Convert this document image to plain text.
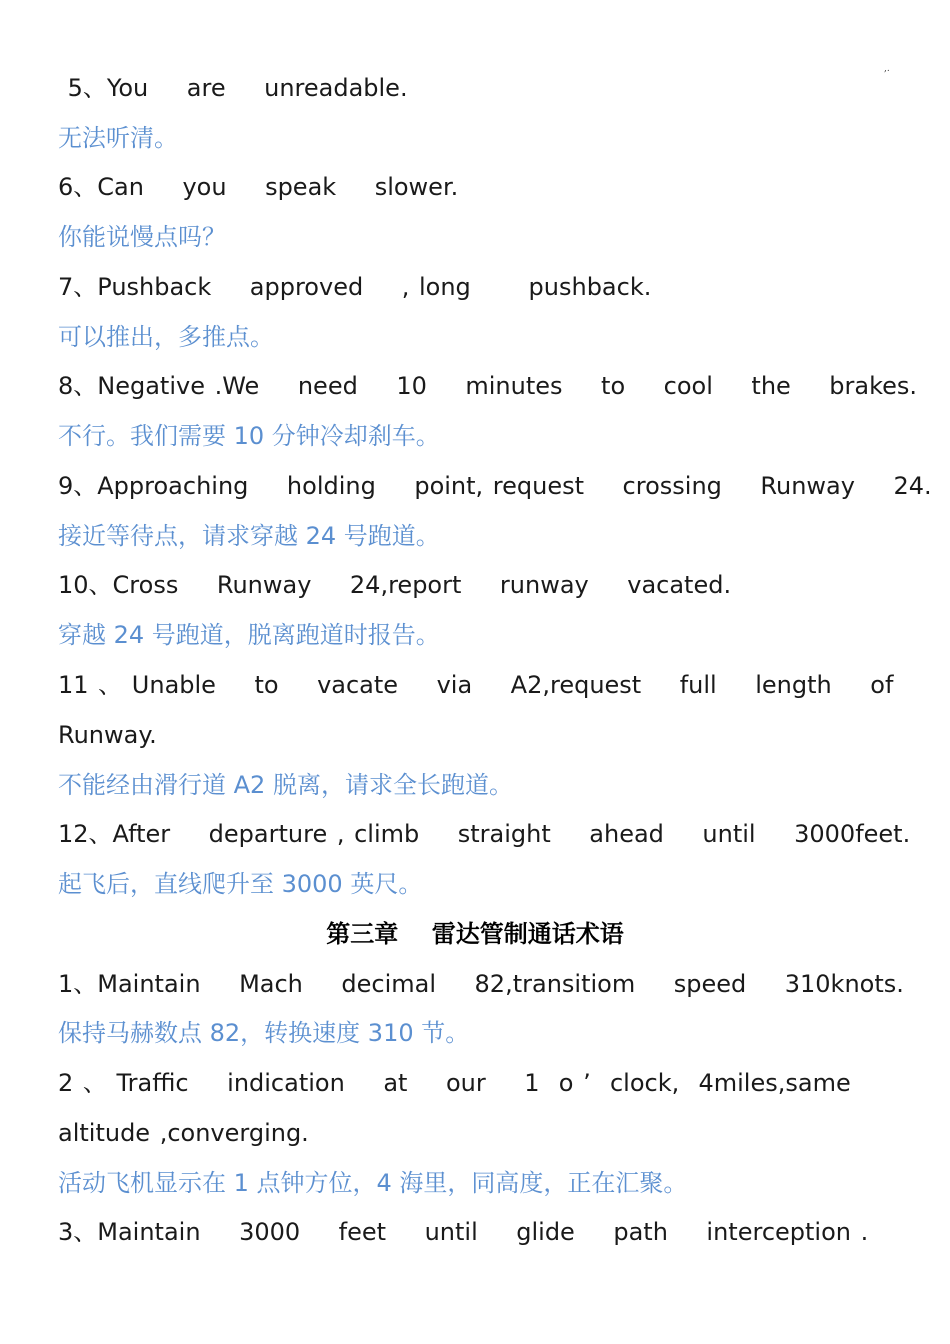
,.
5、You    are    unreadable.
无法听清。
6、Can    you    speak    slower.
你能说慢点吗？
7、Pushback    approved    , long      pushback.
可以推出，多推点。
8、Negative .We    need    10    minutes    to    cool    the    brakes.
不行。我们需要 10 分钟冷却刹车。
9、Approaching    holding    point, request    crossing    Runway    24.
接近等待点，请求穿越 24 号跑道。
10、Cross    Runway    24,report    runway    vacated.
穿越 24 号跑道，脱离跑道时报告。
11 、 Unable    to    vacate    via    A2,request    full    length    of
Runway.
不能经由滑行道 A2 脱离，请求全长跑道。
12、After    departure , climb    straight    ahead    until    3000feet.
起飞后，直线爬升至 3000 英尺。
第三章    雷达管制通话术语
1、Maintain    Mach    decimal    82,transitiom    speed    310knots.
保持马赫数点 82，转换速度 310 节。
2 、 Traffic    indication    at    our    1  o ’  clock,  4miles,same
altitude ,converging.
活动飞机显示在 1 点钟方位，4 海里，同高度，正在汇聚。
3、Maintain    3000    feet    until    glide    path    interception .
